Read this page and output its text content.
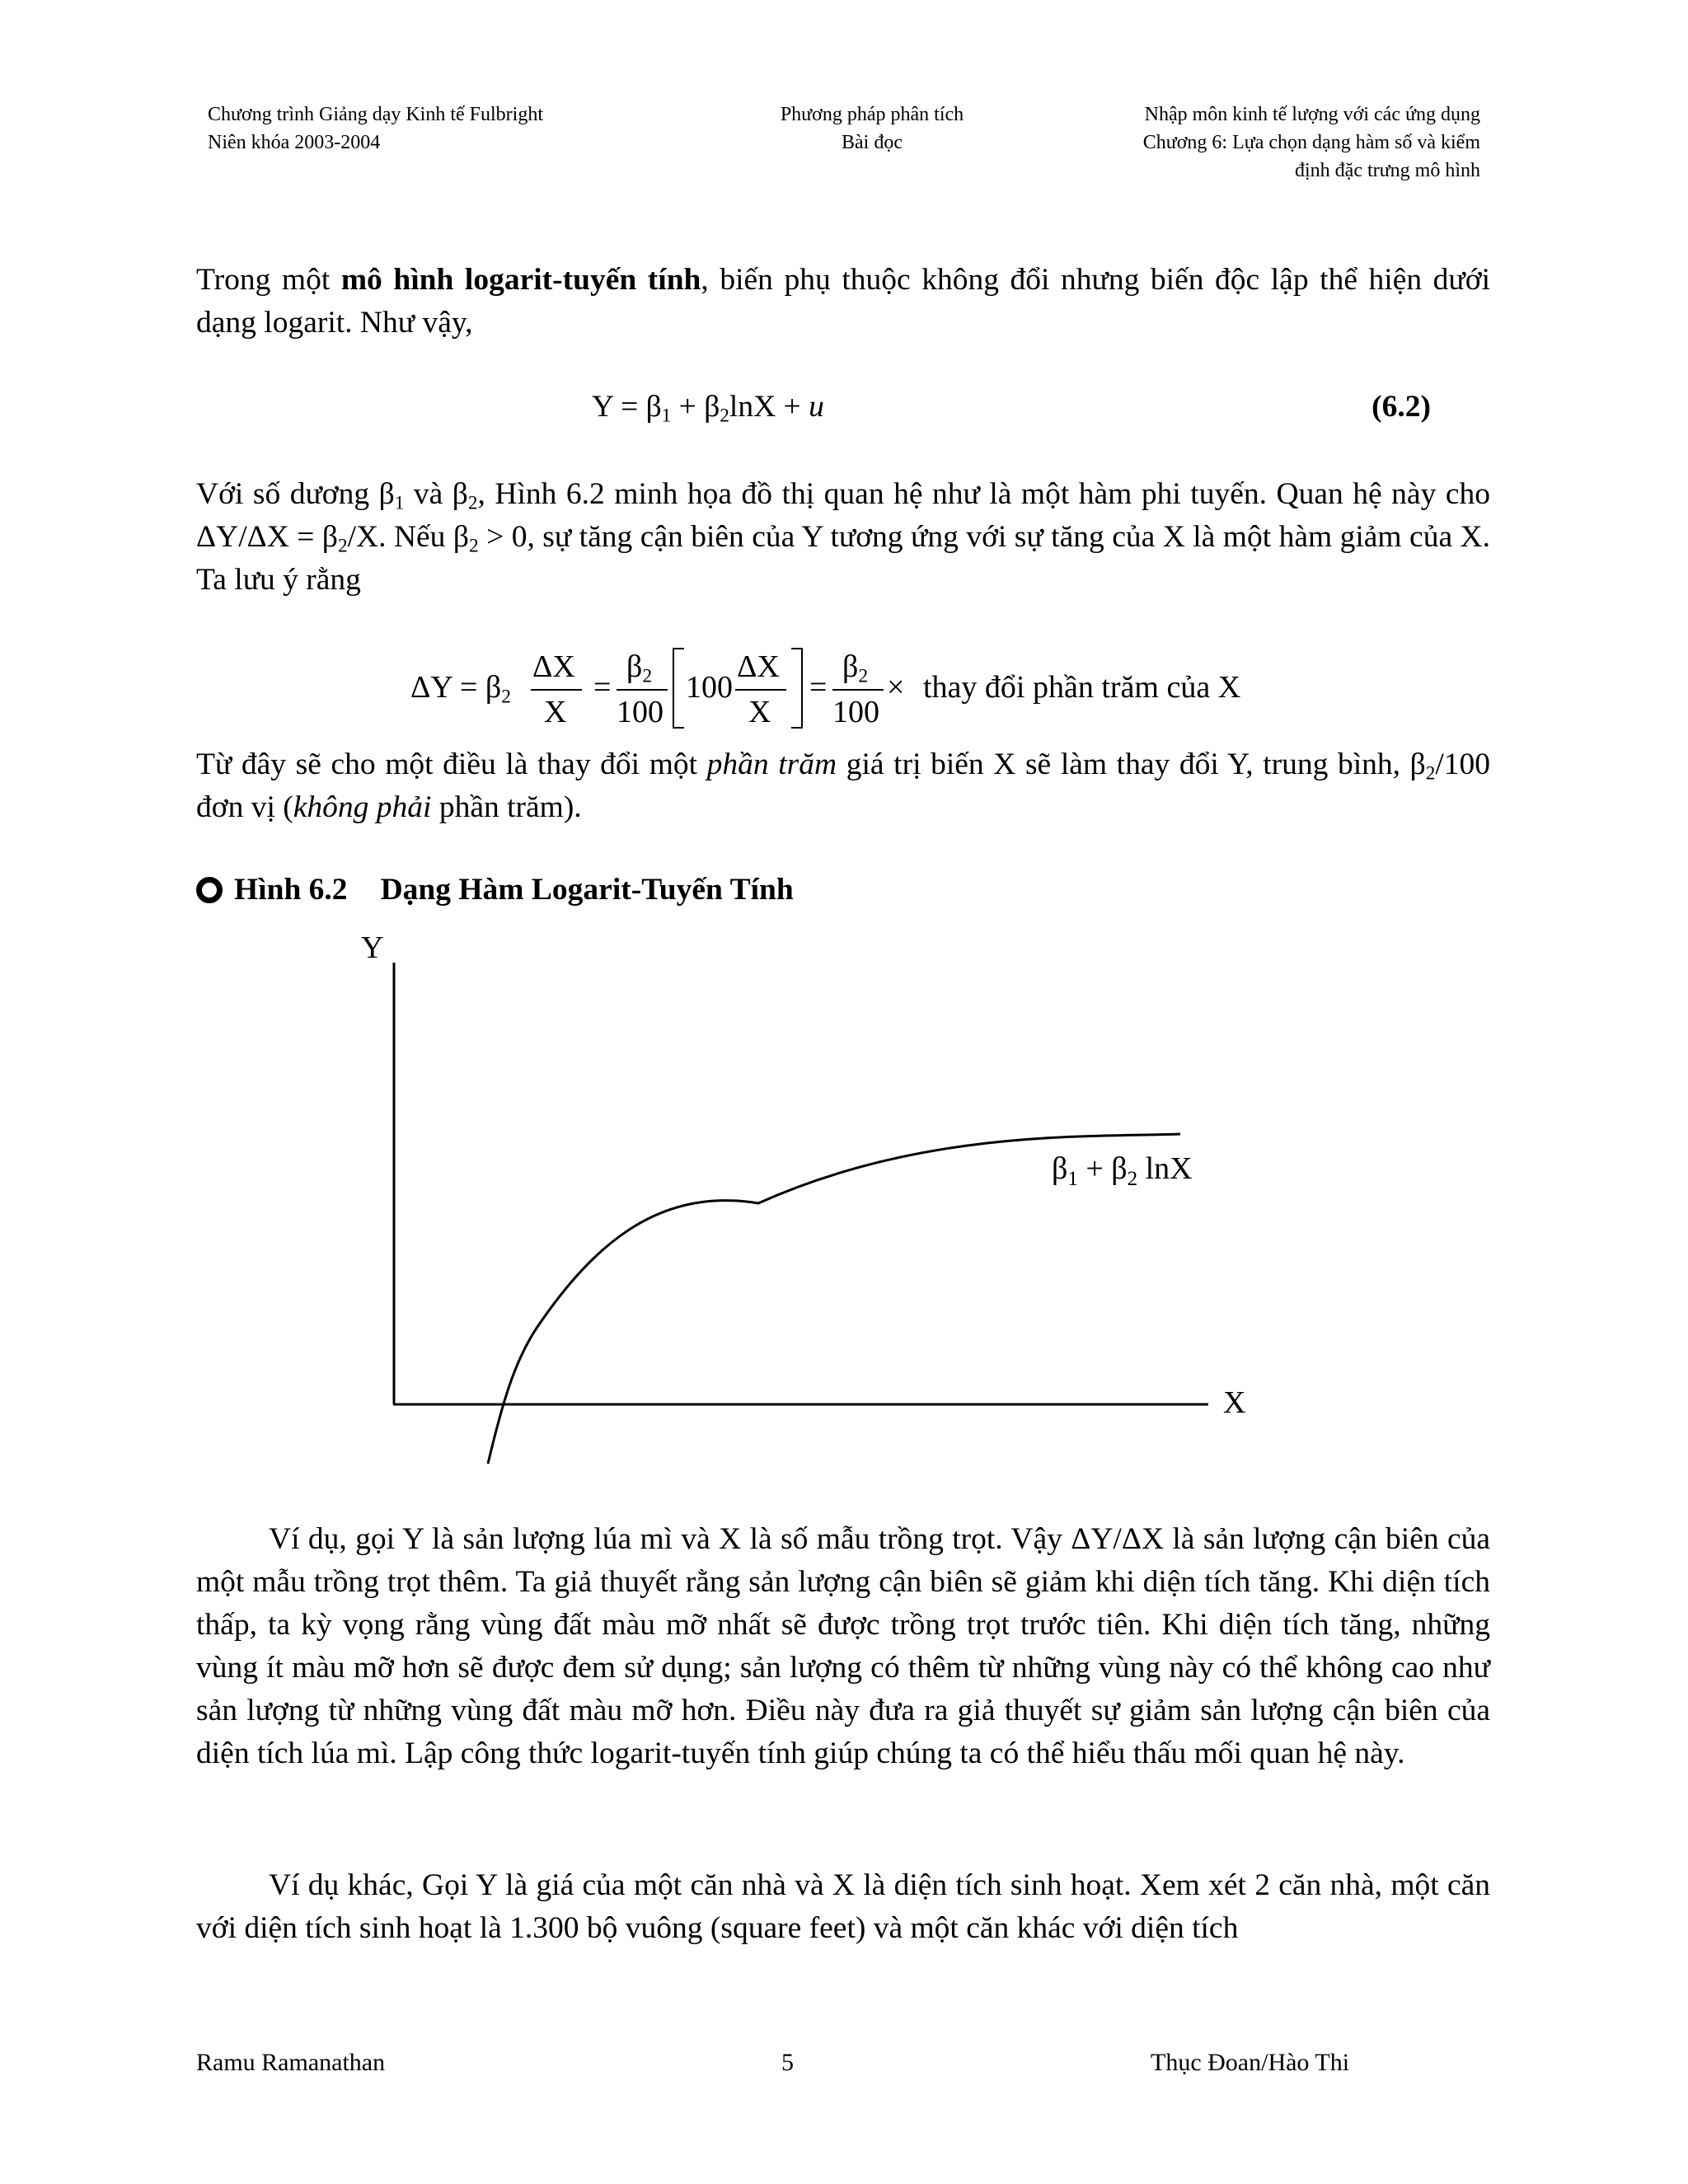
Chương trình Giảng dạy Kinh tế Fulbright
Niên khóa 2003-2004
Phương pháp phân tích
Bài đọc
Nhập môn kinh tế lượng với các ứng dụng
Chương 6: Lựa chọn dạng hàm số và kiểm
định đặc trưng mô hình
Trong một mô hình logarit-tuyến tính, biến phụ thuộc không đổi nhưng biến độc lập thể hiện dưới dạng logarit. Như vậy,
$Y = \beta_1 + \beta_2\ln X + u$	(6.2)
Với số dương $\beta_1$ và $\beta_2$, Hình 6.2 minh họa đồ thị quan hệ như là một hàm phi tuyến. Quan hệ này cho $\Delta Y/\Delta X = \beta_2/X$. Nếu $\beta_2 > 0$, sự tăng cận biên của Y tương ứng với sự tăng của X là một hàm giảm của X. Ta lưu ý rằng
$\Delta Y = \beta_2$
ΔX
X
=
$\beta_2$
100
100
ΔX
X
=
$\beta_2$
100
× thay đổi phần trăm của X
Từ đây sẽ cho một điều là thay đổi một phần trăm giá trị biến X sẽ làm thay đổi Y, trung bình, $\beta_2/100$ đơn vị (không phải phần trăm).
Hình 6.2 Dạng Hàm Logarit-Tuyến Tính
Y
X
$\beta_1 + \beta_2$ lnX
Ví dụ, gọi Y là sản lượng lúa mì và X là số mẫu trồng trọt. Vậy ΔY/ΔX là sản lượng cận biên của một mẫu trồng trọt thêm. Ta giả thuyết rằng sản lượng cận biên sẽ giảm khi diện tích tăng. Khi diện tích thấp, ta kỳ vọng rằng vùng đất màu mỡ nhất sẽ được trồng trọt trước tiên. Khi diện tích tăng, những vùng ít màu mỡ hơn sẽ được đem sử dụng; sản lượng có thêm từ những vùng này có thể không cao như sản lượng từ những vùng đất màu mỡ hơn. Điều này đưa ra giả thuyết sự giảm sản lượng cận biên của diện tích lúa mì. Lập công thức logarit-tuyến tính giúp chúng ta có thể hiểu thấu mối quan hệ này.
Ví dụ khác, Gọi Y là giá của một căn nhà và X là diện tích sinh hoạt. Xem xét 2 căn nhà, một căn với diện tích sinh hoạt là 1.300 bộ vuông (square feet) và một căn khác với diện tích
Ramu Ramanathan	5	Thục Đoan/Hào Thi
